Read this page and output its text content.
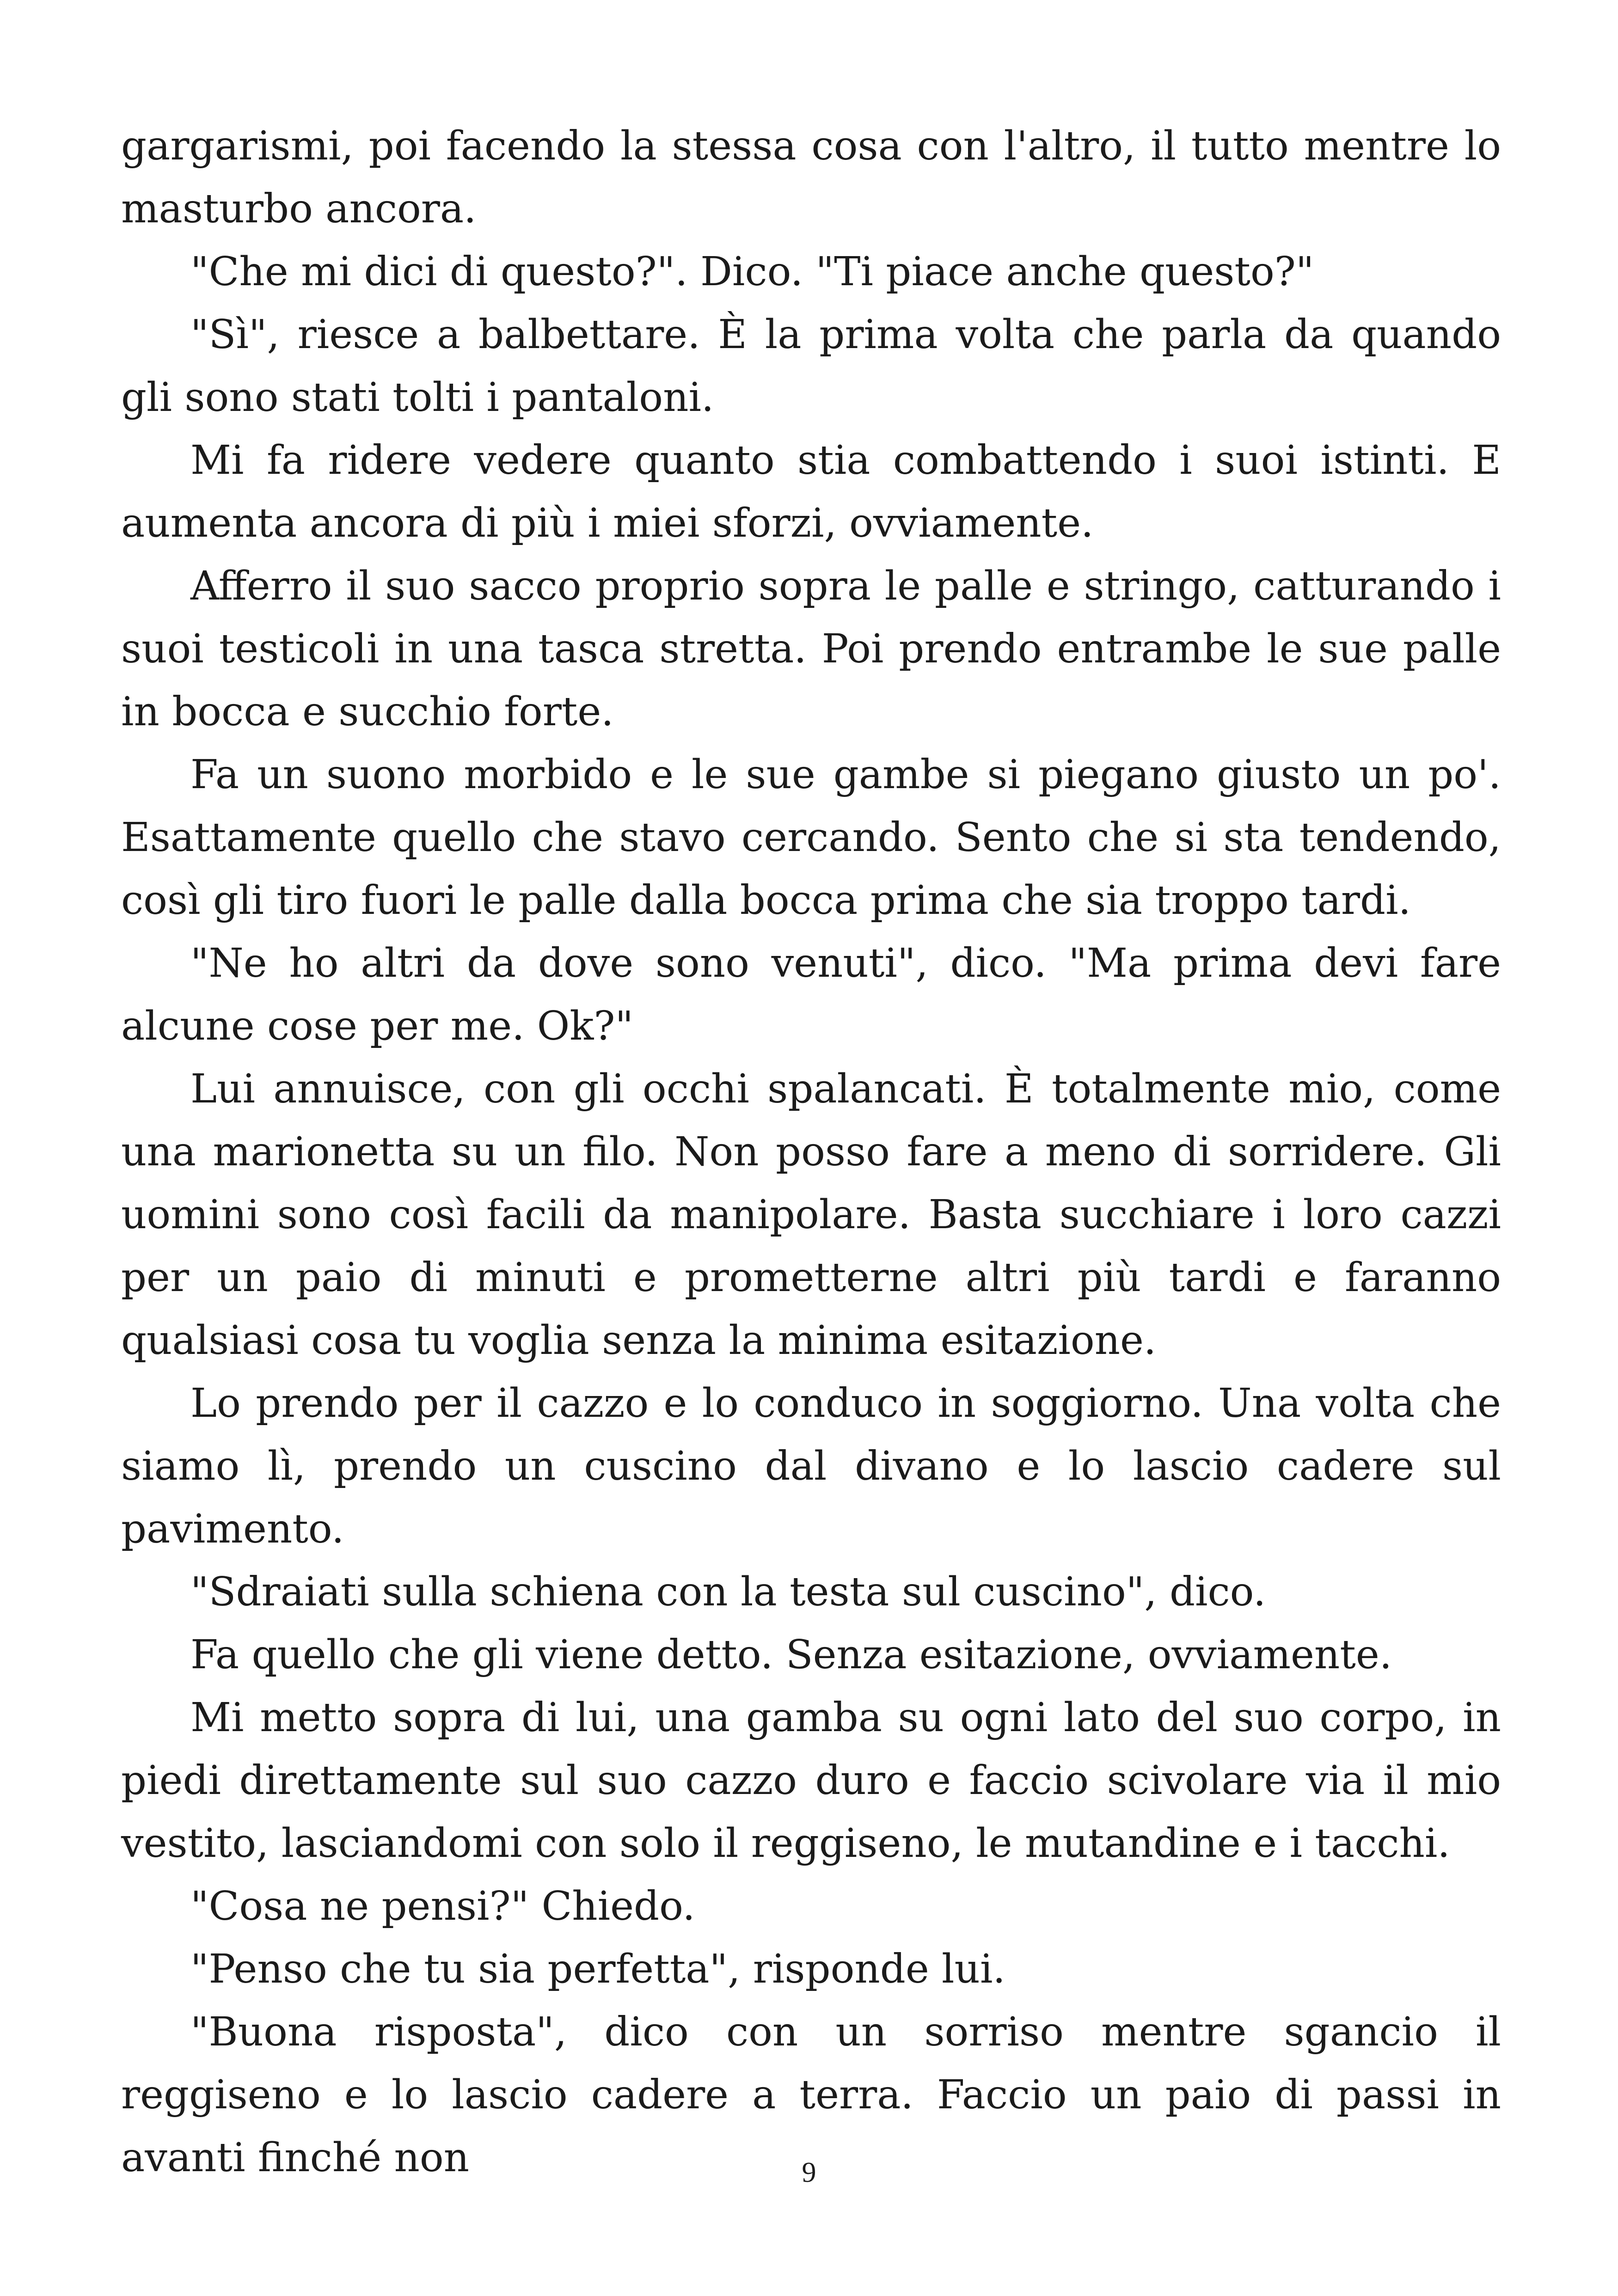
gargarismi, poi facendo la stessa cosa con l'altro, il tutto mentre lo masturbo ancora.

"Che mi dici di questo?". Dico. "Ti piace anche questo?"

"Sì", riesce a balbettare. È la prima volta che parla da quando gli sono stati tolti i pantaloni.

Mi fa ridere vedere quanto stia combattendo i suoi istinti. E aumenta ancora di più i miei sforzi, ovviamente.

Afferro il suo sacco proprio sopra le palle e stringo, catturando i suoi testicoli in una tasca stretta. Poi prendo entrambe le sue palle in bocca e succhio forte.

Fa un suono morbido e le sue gambe si piegano giusto un po'. Esattamente quello che stavo cercando. Sento che si sta tendendo, così gli tiro fuori le palle dalla bocca prima che sia troppo tardi.

"Ne ho altri da dove sono venuti", dico. "Ma prima devi fare alcune cose per me. Ok?"

Lui annuisce, con gli occhi spalancati. È totalmente mio, come una marionetta su un filo. Non posso fare a meno di sorridere. Gli uomini sono così facili da manipolare. Basta succhiare i loro cazzi per un paio di minuti e prometterne altri più tardi e faranno qualsiasi cosa tu voglia senza la minima esitazione.

Lo prendo per il cazzo e lo conduco in soggiorno. Una volta che siamo lì, prendo un cuscino dal divano e lo lascio cadere sul pavimento.

"Sdraiati sulla schiena con la testa sul cuscino", dico.

Fa quello che gli viene detto. Senza esitazione, ovviamente.

Mi metto sopra di lui, una gamba su ogni lato del suo corpo, in piedi direttamente sul suo cazzo duro e faccio scivolare via il mio vestito, lasciandomi con solo il reggiseno, le mutandine e i tacchi.

"Cosa ne pensi?" Chiedo.

"Penso che tu sia perfetta", risponde lui.

"Buona risposta", dico con un sorriso mentre sgancio il reggiseno e lo lascio cadere a terra. Faccio un paio di passi in avanti finché non	9
